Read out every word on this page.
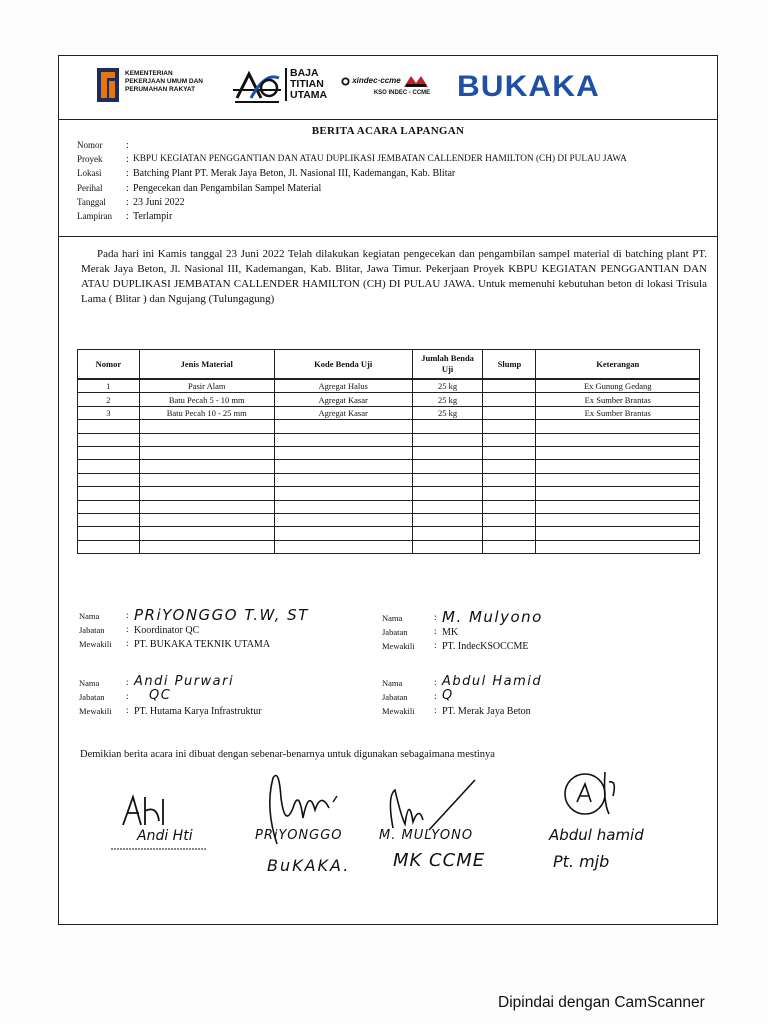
KEMENTERIAN
PEKERJAAN UMUM DAN
PERUMAHAN RAKYAT
BAJA
TITIAN
UTAMA
xindec·ccme
KSO INDEC - CCME BUKAKA
BERITA ACARA LAPANGAN
Nomor	:
Proyek	: KBPU KEGIATAN PENGGANTIAN DAN ATAU DUPLIKASI JEMBATAN CALLENDER HAMILTON (CH) DI PULAU JAWA
Lokasi	: Batching Plant PT. Merak Jaya Beton, Jl. Nasional III, Kademangan, Kab. Blitar
Perihal	: Pengecekan dan Pengambilan Sampel Material
Tanggal	: 23 Juni 2022
Lampiran	: Terlampir
Pada hari ini Kamis tanggal 23 Juni 2022 Telah dilakukan kegiatan pengecekan dan pengambilan sampel material di batching plant PT. Merak Jaya Beton, Jl. Nasional III, Kademangan, Kab. Blitar, Jawa Timur. Pekerjaan Proyek KBPU KEGIATAN PENGGANTIAN DAN ATAU DUPLIKASI JEMBATAN CALLENDER HAMILTON (CH) DI PULAU JAWA. Untuk memenuhi kebutuhan beton di lokasi Trisula Lama ( Blitar ) dan Ngujang (Tulungagung)
Nomor	Jenis Material	Kode Benda Uji	Jumlah Benda Uji	Slump	Keterangan
1	Pasir Alam	Agregat Halus	25 kg		Ex Gunung Gedang
2	Batu Pecah 5 - 10 mm	Agregat Kasar	25 kg		Ex Sumber Brantas
3	Batu Pecah 10 - 25 mm	Agregat Kasar	25 kg		Ex Sumber Brantas

Nama	: PRiYONGGO T.W, ST
Jabatan : Koordinator QC
Mewakili : PT. BUKAKA TEKNIK UTAMA
Nama	: M. Mulyono
Jabatan	: MK
Mewakili : PT. IndecKSOCCME
Nama	: Andi Purwari
Jabatan : QC
Mewakili : PT. Hutama Karya Infrastruktur
Nama	: Abdul Hamid
Jabatan	: Q
Mewakili : PT. Merak Jaya Beton
Demikian berita acara ini dibuat dengan sebenar-benarnya untuk digunakan sebagaimana mestinya
Andi Hti	PRiYONGGO
BuKAKA.
M. MULYONO
MK CCME
Abdul hamid
Pt. mjb
Dipindai dengan CamScanner
